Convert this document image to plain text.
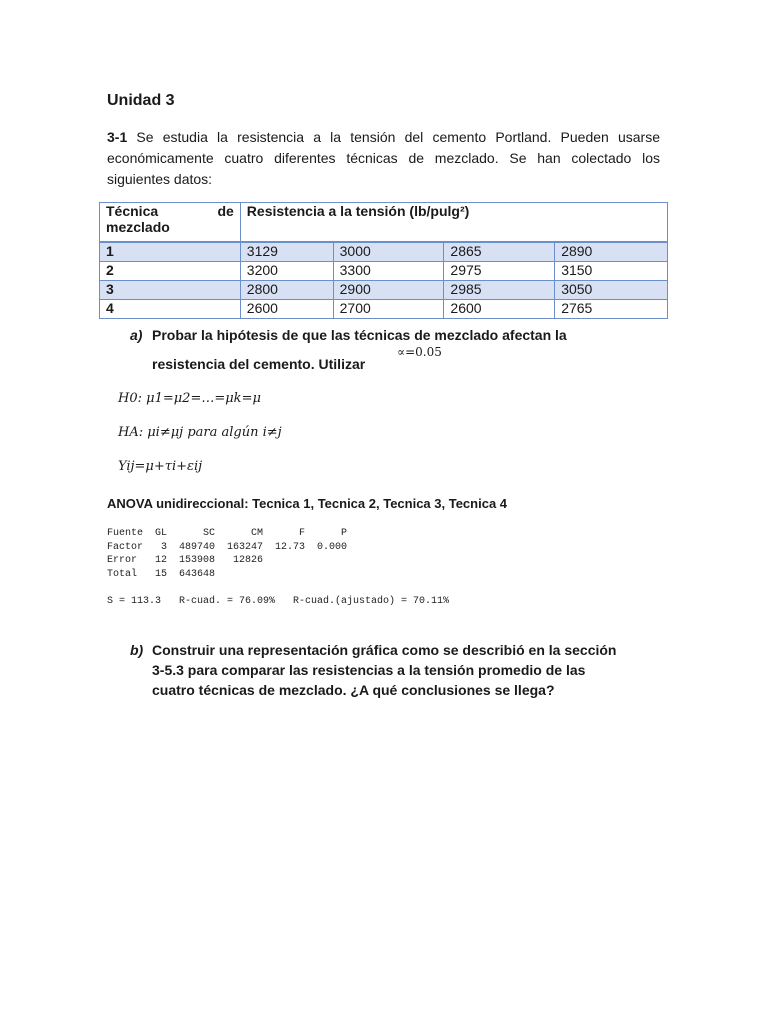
Unidad 3
3-1 Se estudia la resistencia a la tensión del cemento Portland. Pueden usarse económicamente cuatro diferentes técnicas de mezclado. Se han colectado los siguientes datos:
Técnica de
mezclado	Resistencia a la tensión (lb/pulg²)			
1	3129	3000	2865	2890
2	3200	3300	2975	3150
3	2800	2900	2985	3050
4	2600	2700	2600	2765
a) Probar la hipótesis de que las técnicas de mezclado afectan la
resistencia del cemento. Utilizar
∝=0.05
H0: μ1=μ2=…=μk=μ
HA: μi≠μj para algún i≠j
Yij=μ+τi+εij
ANOVA unidireccional: Tecnica 1, Tecnica 2, Tecnica 3, Tecnica 4
Fuente  GL      SC      CM      F      P
Factor   3  489740  163247  12.73  0.000
Error   12  153908   12826
Total   15  643648

S = 113.3   R-cuad. = 76.09%   R-cuad.(ajustado) = 70.11%
b) Construir una representación gráfica como se describió en la sección
3-5.3 para comparar las resistencias a la tensión promedio de las
cuatro técnicas de mezclado. ¿A qué conclusiones se llega?
